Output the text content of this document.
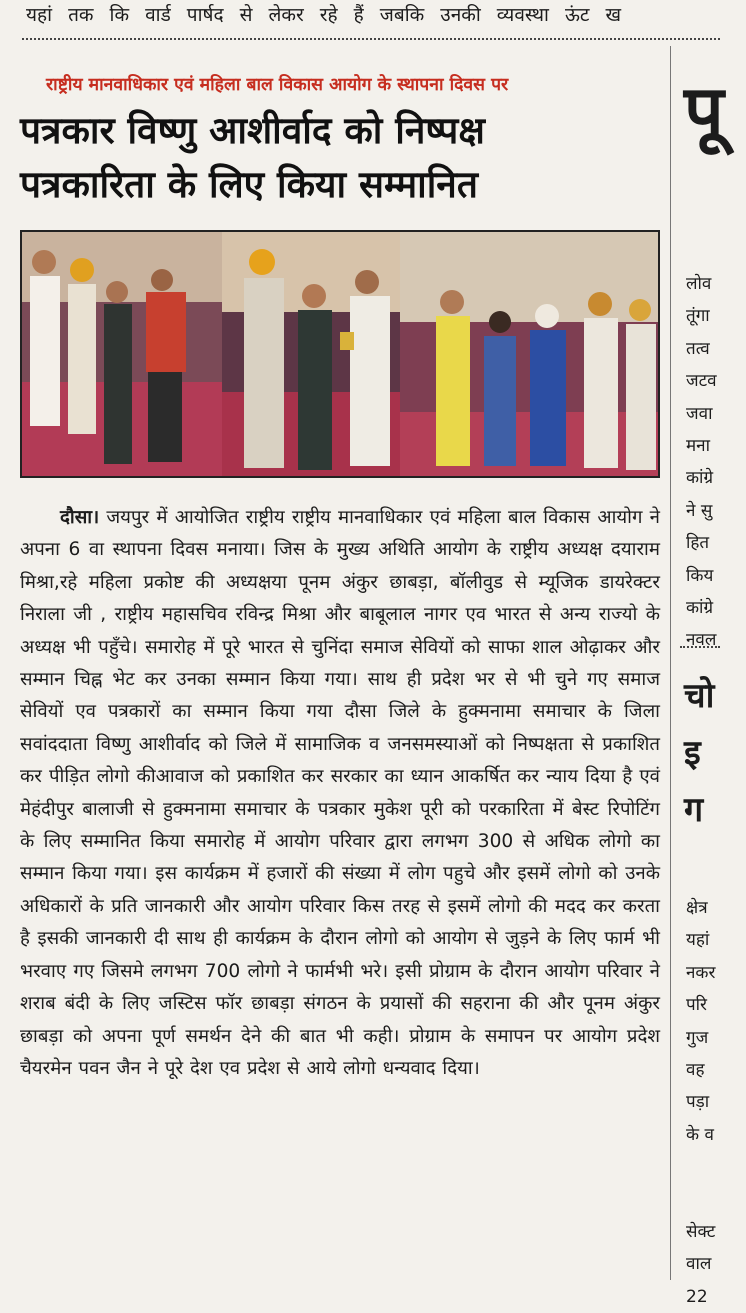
यहां तक कि वार्ड पार्षद से लेकर रहे हैं जबकि उनकी व्यवस्था ऊंट ख
राष्ट्रीय मानवाधिकार एवं महिला बाल विकास आयोग के स्थापना दिवस पर
पत्रकार विष्णु आशीर्वाद को निष्पक्ष
पत्रकारिता के लिए किया सम्मानित
दौसा। जयपुर में आयोजित राष्ट्रीय राष्ट्रीय मानवाधिकार एवं महिला बाल विकास आयोग ने अपना 6 वा स्थापना दिवस मनाया। जिस के मुख्य अथिति आयोग के राष्ट्रीय अध्यक्ष दयाराम मिश्रा,रहे महिला प्रकोष्ट की अध्यक्षया पूनम अंकुर छाबड़ा, बॉलीवुड से म्यूजिक डायरेक्टर निराला जी , राष्ट्रीय महासचिव रविन्द्र मिश्रा और बाबूलाल नागर एव भारत से अन्य राज्यो के अध्यक्ष भी पहुँचे। समारोह में पूरे भारत से चुनिंदा समाज सेवियों को साफा शाल ओढ़ाकर और सम्मान चिह्न भेट कर उनका सम्मान किया गया। साथ ही प्रदेश भर से भी चुने गए समाज सेवियों एव पत्रकारों का सम्मान किया गया दौसा जिले के हुक्मनामा समाचार के जिला सवांददाता विष्णु आशीर्वाद को जिले में सामाजिक व जनसमस्याओं को निष्पक्षता से प्रकाशित कर पीड़ित लोगो कीआवाज को प्रकाशित कर सरकार का ध्यान आकर्षित कर न्याय दिया है एवं मेहंदीपुर बालाजी से हुक्मनामा समाचार के पत्रकार मुकेश पूरी को परकारिता में बेस्ट रिपोटिंग के लिए सम्मानित किया समारोह में आयोग परिवार द्वारा लगभग 300 से अधिक लोगो का सम्मान किया गया। इस कार्यक्रम में हजारों की संख्या में लोग पहुचे और इसमें लोगो को उनके अधिकारों के प्रति जानकारी और आयोग परिवार किस तरह से इसमें लोगो की मदद कर करता है इसकी जानकारी दी साथ ही कार्यक्रम के दौरान लोगो को आयोग से जुड़ने के लिए फार्म भी भरवाए गए जिसमे लगभग 700 लोगो ने फार्मभी भरे। इसी प्रोग्राम के दौरान आयोग परिवार ने शराब बंदी के लिए जस्टिस फॉर छाबड़ा संगठन के प्रयासों की सहराना की और पूनम अंकुर छाबड़ा को अपना पूर्ण समर्थन देने की बात भी कही। प्रोग्राम के समापन पर आयोग प्रदेश चैयरमेन पवन जैन ने पूरे देश एव प्रदेश से आये लोगो धन्यवाद दिया।
पू
लोव
तूंगा
तत्व
जटव
जवा
मना
कांग्रे
ने सु
हित
किय
कांग्रे
नवल
चो
इ
ग
क्षेत्र
यहां
नकर
परि
गुज
वह
पड़ा
के व
सेक्ट
वाल
22
